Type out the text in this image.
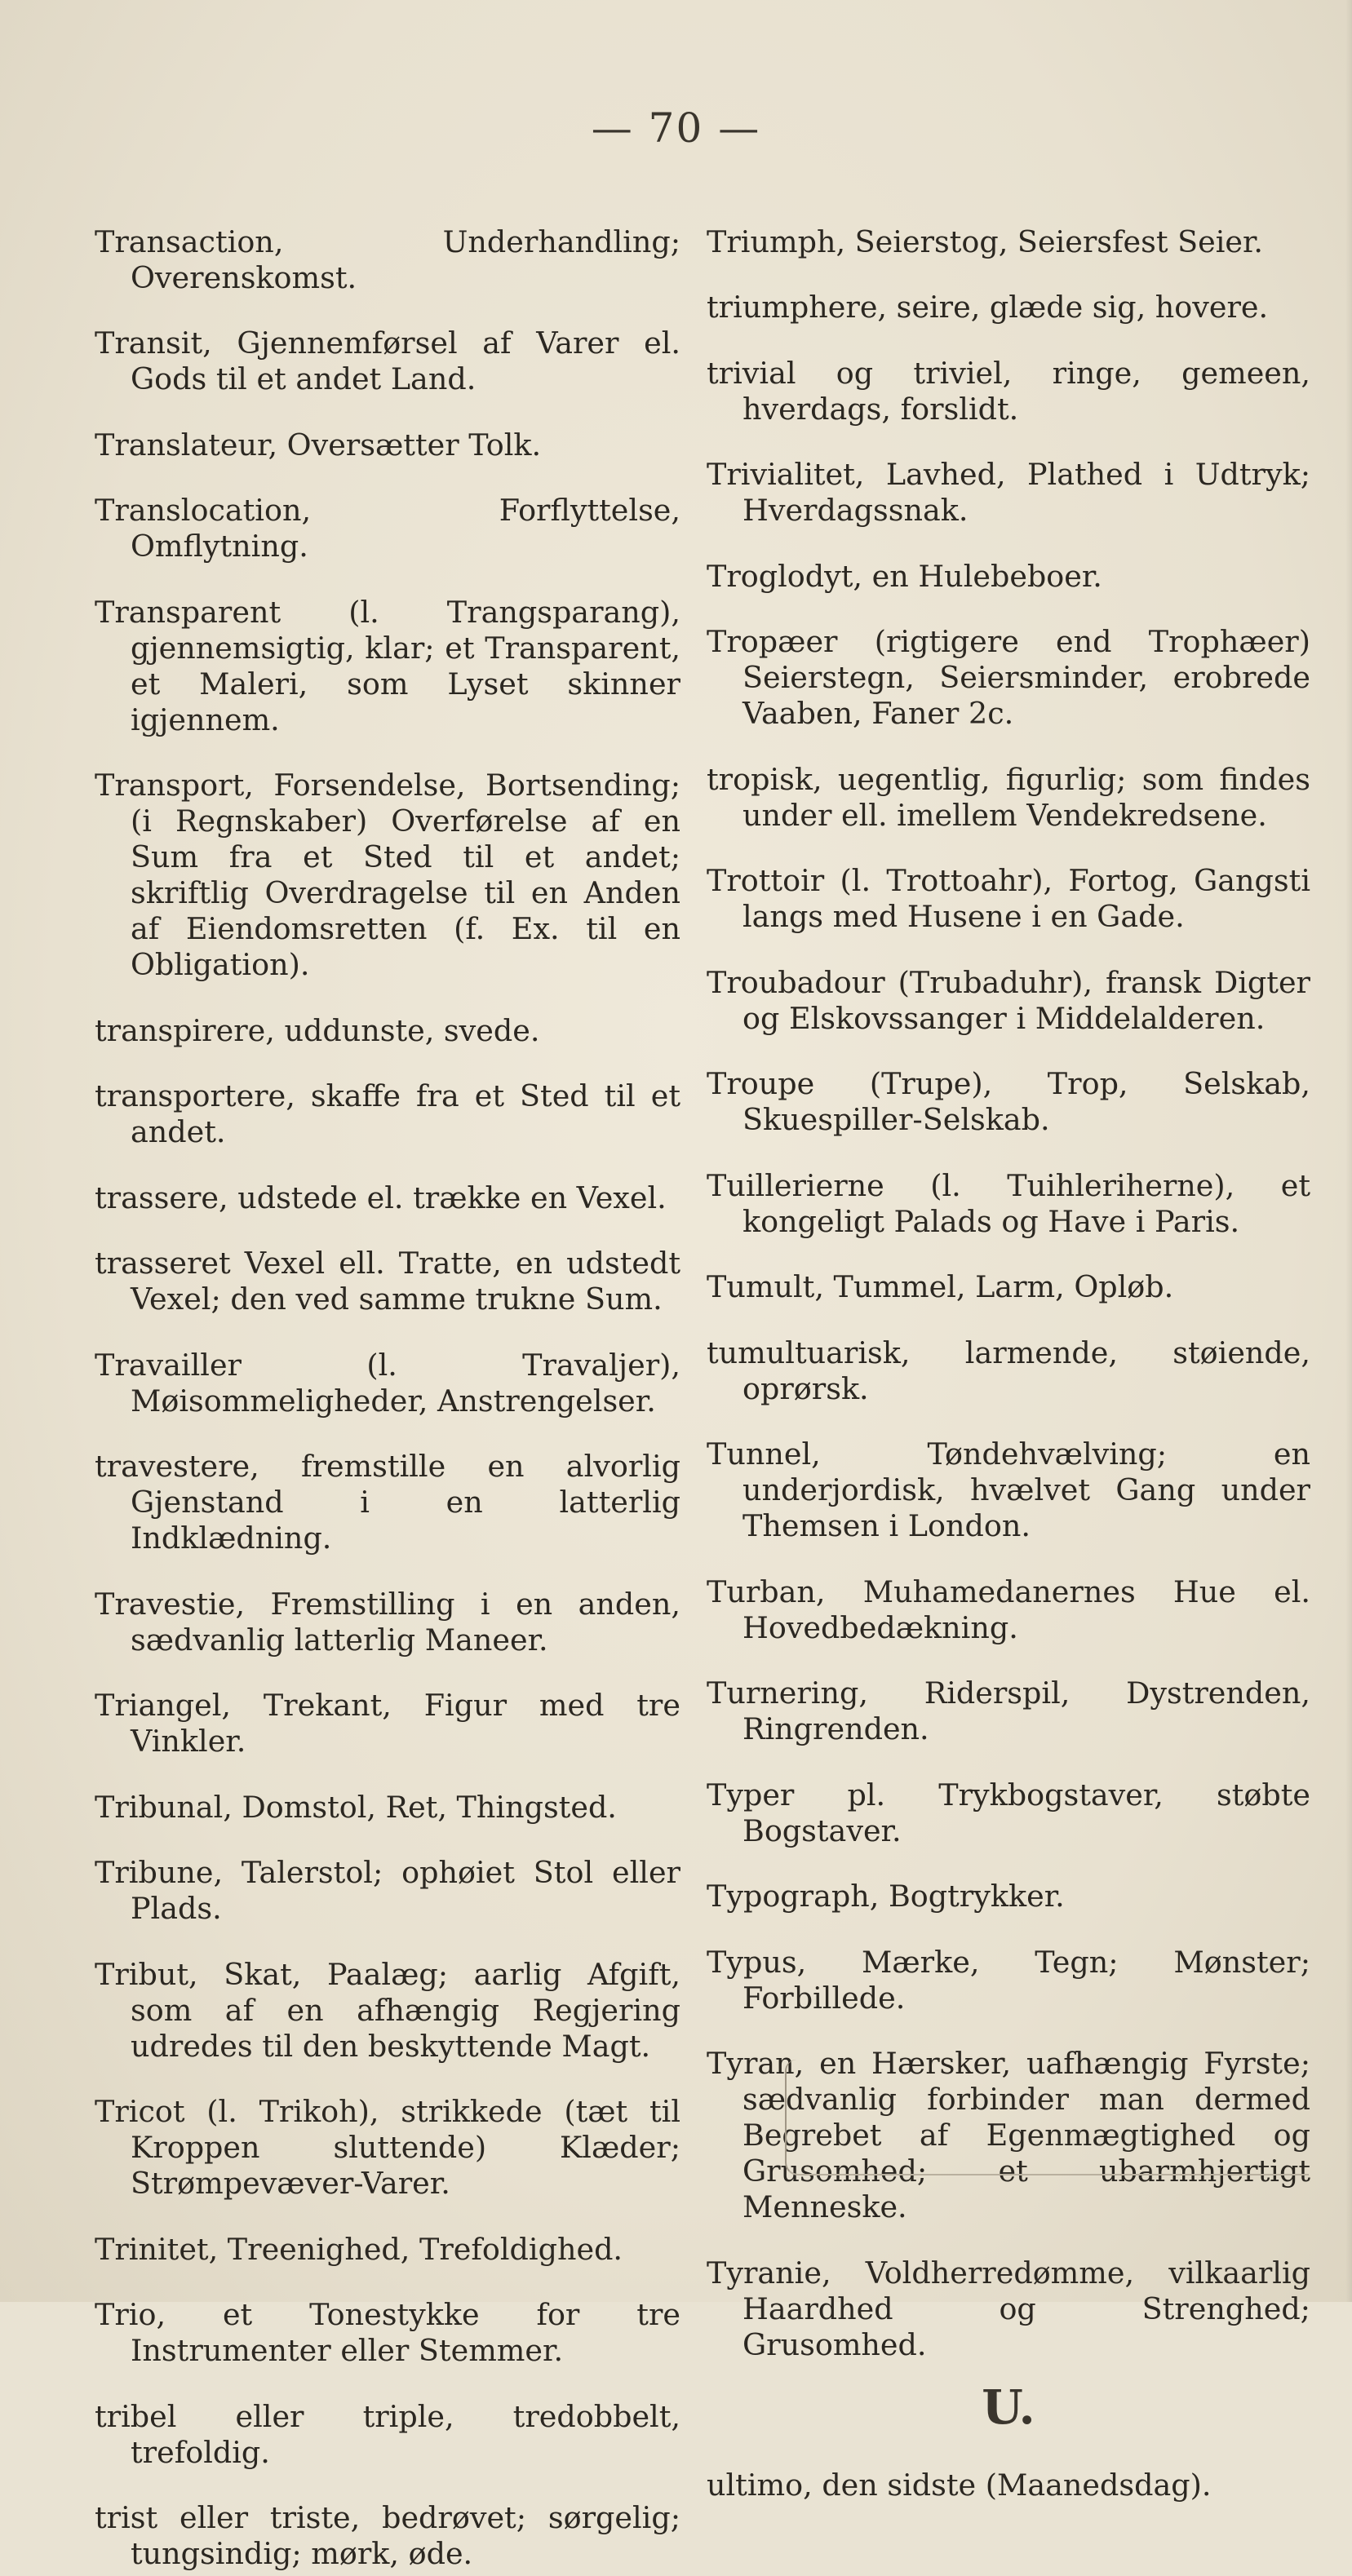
— 70 —

Transaction, Underhandling; Overenskomst.

Transit, Gjennemførsel af Varer el. Gods til et andet Land.

Translateur, Oversætter Tolk.

Translocation, Forflyttelse, Omflytning.

Transparent (l. Trangsparang), gjennemsigtig, klar; et Transparent, et Maleri, som Lyset skinner igjennem.

Transport, Forsendelse, Bortsending; (i Regnskaber) Overførelse af en Sum fra et Sted til et andet; skriftlig Overdragelse til en Anden af Eiendomsretten (f. Ex. til en Obligation).

transpirere, uddunste, svede.

transportere, skaffe fra et Sted til et andet.

trassere, udstede el. trække en Vexel.

trasseret Vexel ell. Tratte, en udstedt Vexel; den ved samme trukne Sum.

Travailler (l. Travaljer), Møisommeligheder, Anstrengelser.

travestere, fremstille en alvorlig Gjenstand i en latterlig Indklædning.

Travestie, Fremstilling i en anden, sædvanlig latterlig Maneer.

Triangel, Trekant, Figur med tre Vinkler.

Tribunal, Domstol, Ret, Thingsted.

Tribune, Talerstol; ophøiet Stol eller Plads.

Tribut, Skat, Paalæg; aarlig Afgift, som af en afhængig Regjering udredes til den beskyttende Magt.

Tricot (l. Trikoh), strikkede (tæt til Kroppen sluttende) Klæder; Strømpevæver-Varer.

Trinitet, Treenighed, Trefoldighed.

Trio, et Tonestykke for tre Instrumenter eller Stemmer.

tribel eller triple, tredobbelt, trefoldig.

trist eller triste, bedrøvet; sørgelig; tungsindig; mørk, øde.

Triumph, Seierstog, Seiersfest Seier.

triumphere, seire, glæde sig, hovere.

trivial og triviel, ringe, gemeen, hverdags, forslidt.

Trivialitet, Lavhed, Plathed i Udtryk; Hverdagssnak.

Troglodyt, en Hulebeboer.

Tropæer (rigtigere end Trophæer) Seierstegn, Seiersminder, erobrede Vaaben, Faner 2c.

tropisk, uegentlig, figurlig; som findes under ell. imellem Vendekredsene.

Trottoir (l. Trottoahr), Fortog, Gangsti langs med Husene i en Gade.

Troubadour (Trubaduhr), fransk Digter og Elskovssanger i Middelalderen.

Troupe (Trupe), Trop, Selskab, Skuespiller-Selskab.

Tuillerierne (l. Tuihleriherne), et kongeligt Palads og Have i Paris.

Tumult, Tummel, Larm, Opløb.

tumultuarisk, larmende, støiende, oprørsk.

Tunnel, Tøndehvælving; en underjordisk, hvælvet Gang under Themsen i London.

Turban, Muhamedanernes Hue el. Hovedbedækning.

Turnering, Riderspil, Dystrenden, Ringrenden.

Typer pl. Trykbogstaver, støbte Bogstaver.

Typograph, Bogtrykker.

Typus, Mærke, Tegn; Mønster; Forbillede.

Tyran, en Hærsker, uafhængig Fyrste; sædvanlig forbinder man dermed Begrebet af Egenmægtighed og Grusomhed; et ubarmhjertigt Menneske.

Tyranie, Voldherredømme, vilkaarlig Haardhed og Strenghed; Grusomhed.

U.

ultimo, den sidste (Maanedsdag).
